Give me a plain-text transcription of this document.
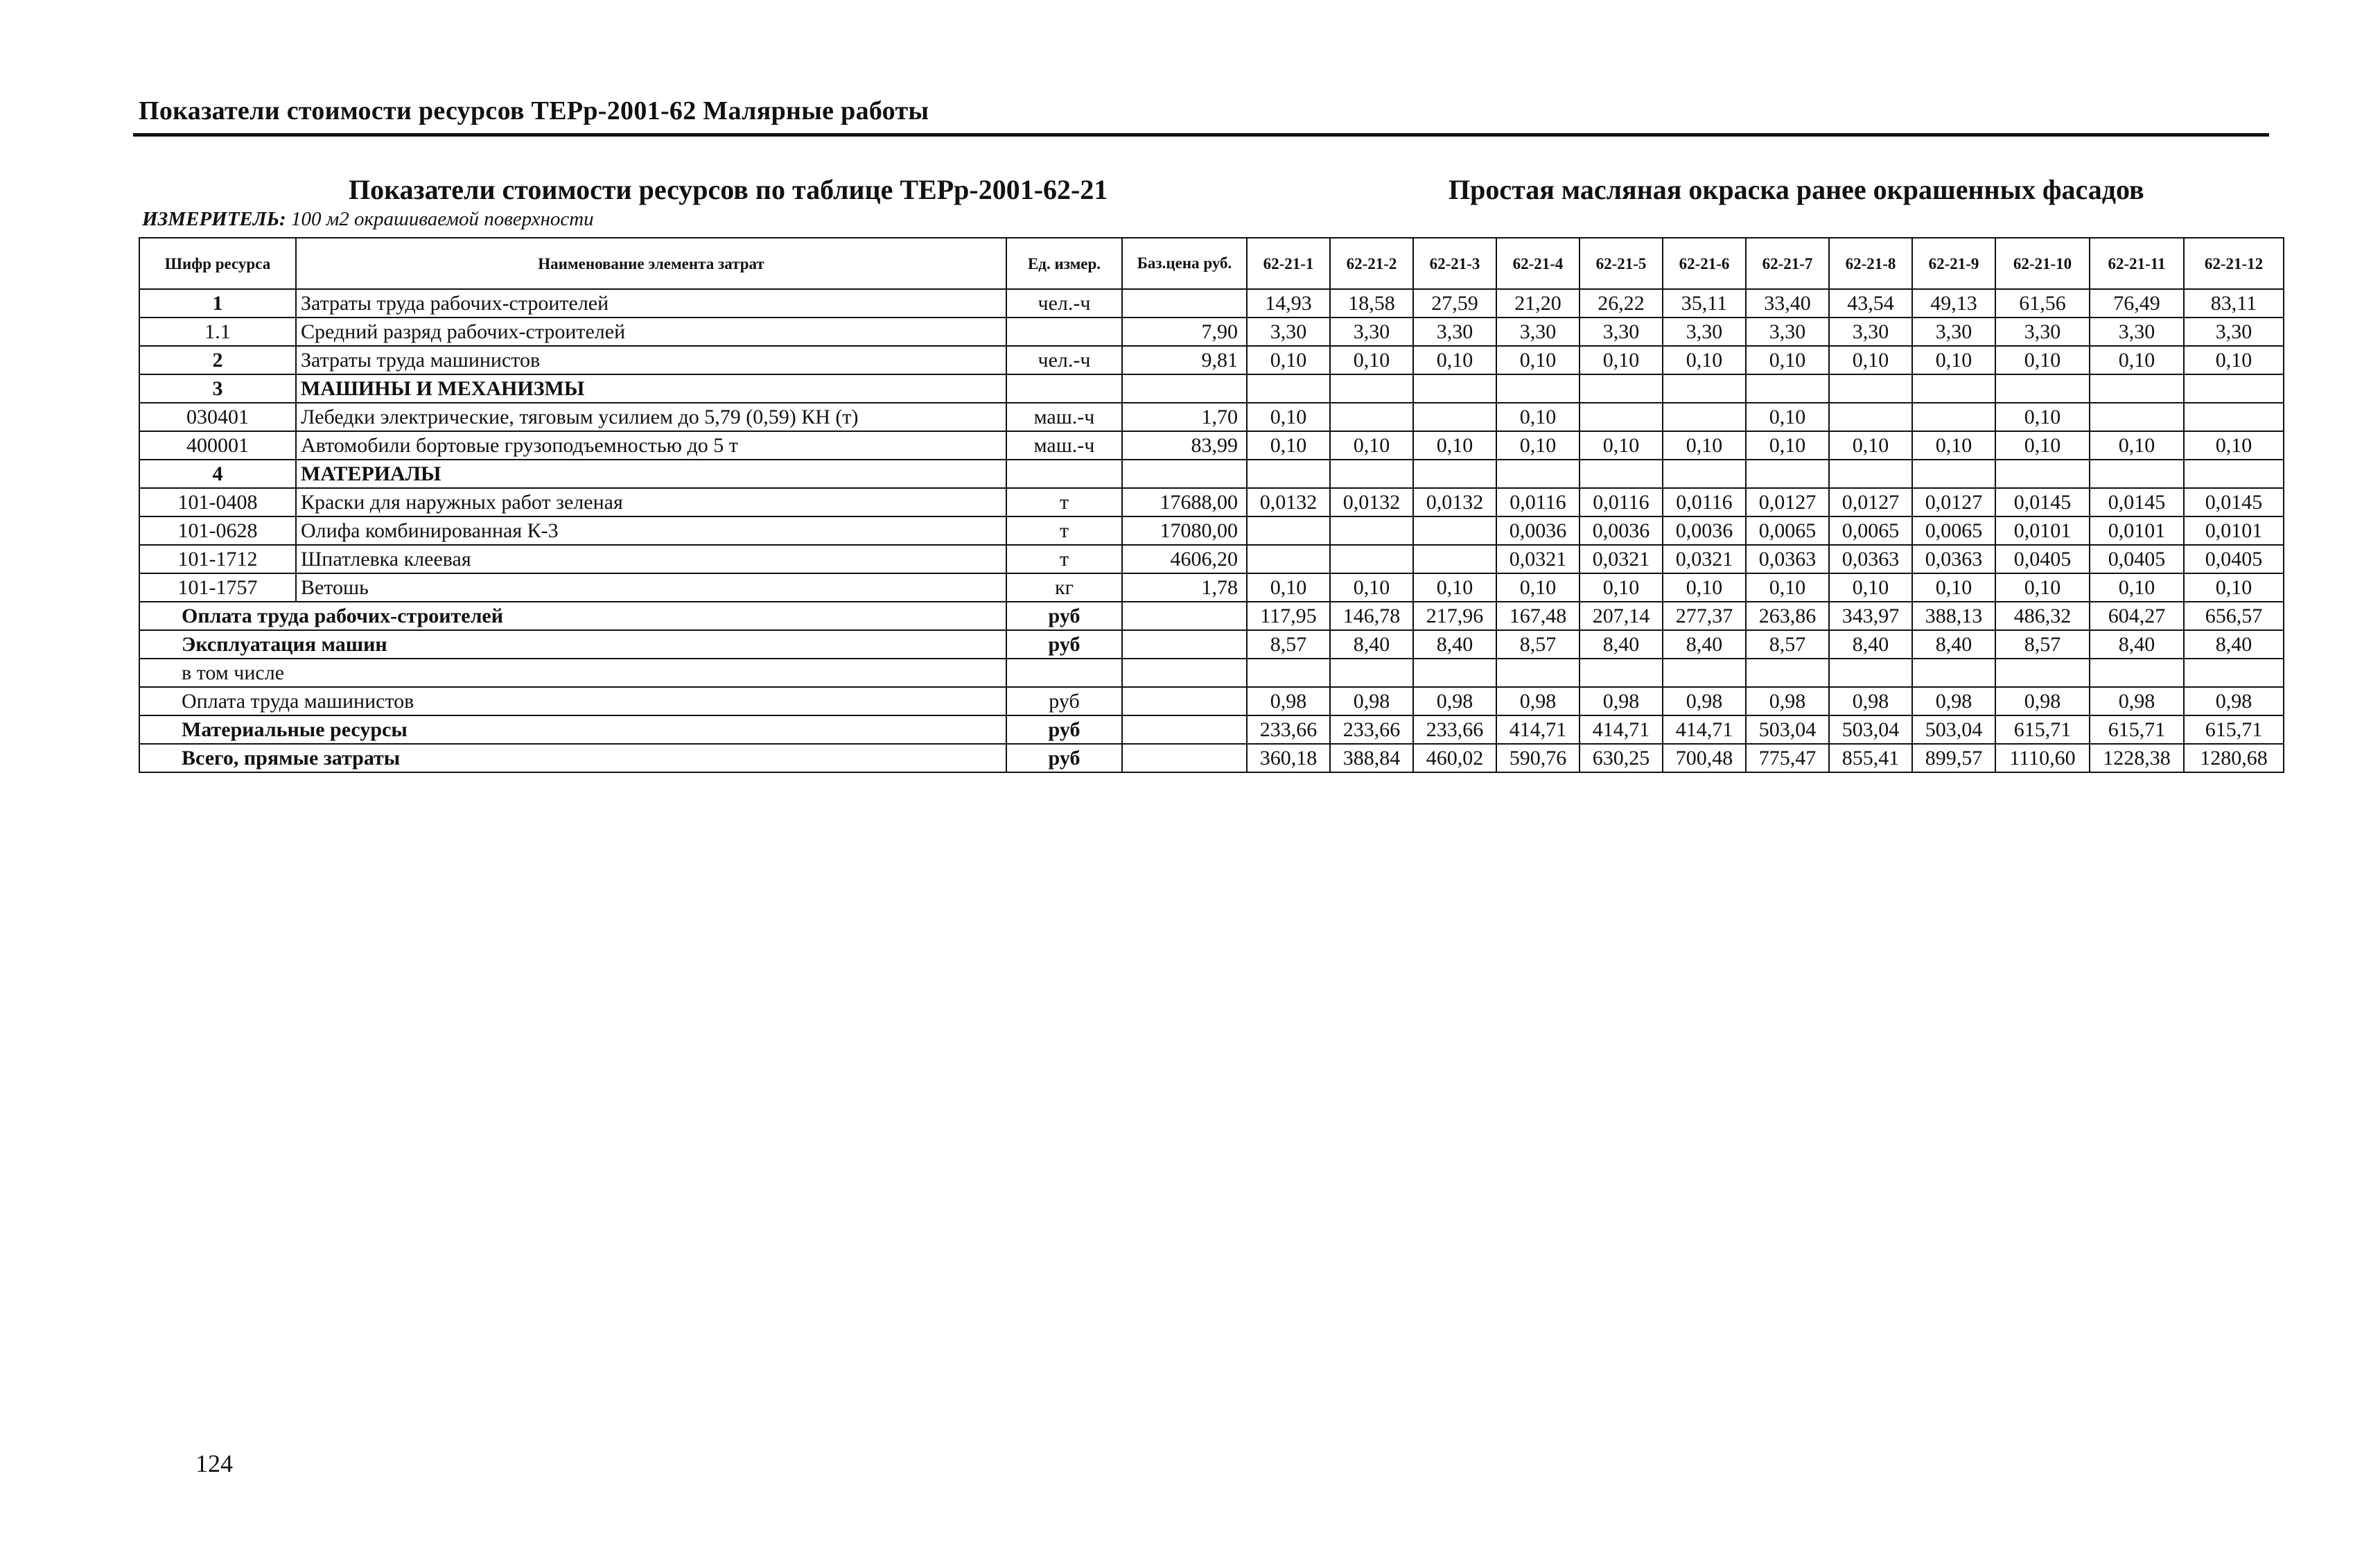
Показатели стоимости ресурсов ТЕРр-2001-62 Малярные работы
Показатели стоимости ресурсов по таблице ТЕРр-2001-62-21	Простая масляная окраска ранее окрашенных фасадов
ИЗМЕРИТЕЛЬ: 100 м2 окрашиваемой поверхности
Шифр ресурса	Наименование элемента затрат	Ед. измер.	Баз.цена руб.	62-21-1	62-21-2	62-21-3	62-21-4	62-21-5	62-21-6	62-21-7	62-21-8	62-21-9	62-21-10	62-21-11	62-21-12
1	Затраты труда рабочих-строителей	чел.-ч		14,93	18,58	27,59	21,20	26,22	35,11	33,40	43,54	49,13	61,56	76,49	83,11
1.1	Средний разряд рабочих-строителей		7,90	3,30	3,30	3,30	3,30	3,30	3,30	3,30	3,30	3,30	3,30	3,30	3,30
2	Затраты труда машинистов	чел.-ч	9,81	0,10	0,10	0,10	0,10	0,10	0,10	0,10	0,10	0,10	0,10	0,10	0,10
3	МАШИНЫ И МЕХАНИЗМЫ														
030401	Лебедки электрические, тяговым усилием до 5,79 (0,59) КН (т)	маш.-ч	1,70	0,10			0,10			0,10			0,10		
400001	Автомобили бортовые грузоподъемностью до 5 т	маш.-ч	83,99	0,10	0,10	0,10	0,10	0,10	0,10	0,10	0,10	0,10	0,10	0,10	0,10
4	МАТЕРИАЛЫ														
101-0408	Краски для наружных работ зеленая	т	17688,00	0,0132	0,0132	0,0132	0,0116	0,0116	0,0116	0,0127	0,0127	0,0127	0,0145	0,0145	0,0145
101-0628	Олифа комбинированная К-3	т	17080,00				0,0036	0,0036	0,0036	0,0065	0,0065	0,0065	0,0101	0,0101	0,0101
101-1712	Шпатлевка клеевая	т	4606,20				0,0321	0,0321	0,0321	0,0363	0,0363	0,0363	0,0405	0,0405	0,0405
101-1757	Ветошь	кг	1,78	0,10	0,10	0,10	0,10	0,10	0,10	0,10	0,10	0,10	0,10	0,10	0,10
Оплата труда рабочих-строителей		руб		117,95	146,78	217,96	167,48	207,14	277,37	263,86	343,97	388,13	486,32	604,27	656,57
Эксплуатация машин		руб		8,57	8,40	8,40	8,57	8,40	8,40	8,57	8,40	8,40	8,57	8,40	8,40
в том числе															
Оплата труда машинистов		руб		0,98	0,98	0,98	0,98	0,98	0,98	0,98	0,98	0,98	0,98	0,98	0,98
Материальные ресурсы		руб		233,66	233,66	233,66	414,71	414,71	414,71	503,04	503,04	503,04	615,71	615,71	615,71
Всего, прямые затраты		руб		360,18	388,84	460,02	590,76	630,25	700,48	775,47	855,41	899,57	1110,60	1228,38	1280,68
124
